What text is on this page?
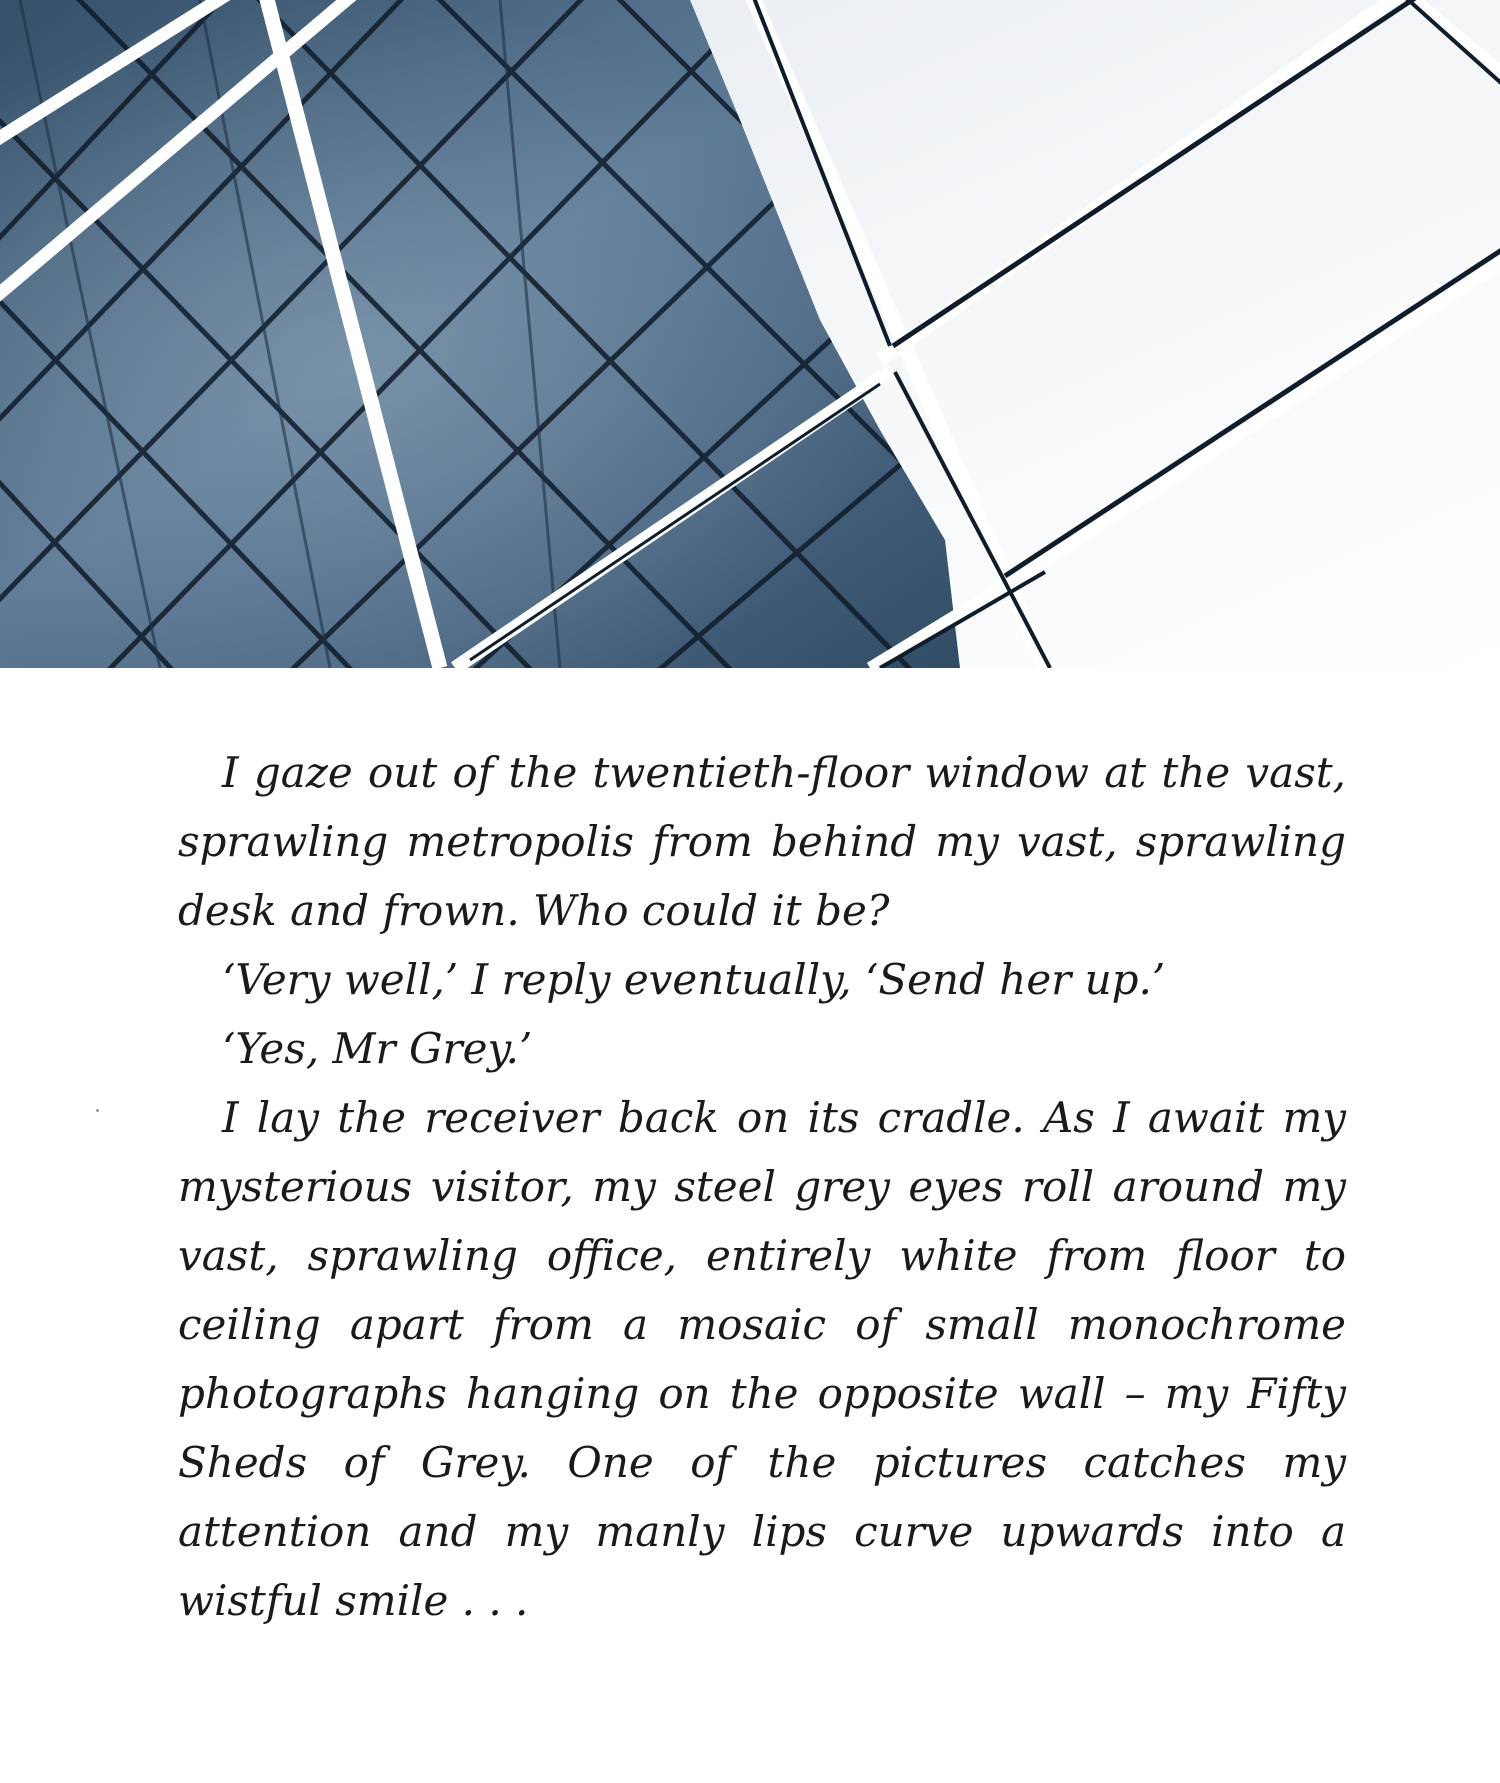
I gaze out of the twentieth-floor window at the vast, sprawling metropolis from behind my vast, sprawling desk and frown. Who could it be?

‘Very well,’ I reply eventually, ‘Send her up.’

‘Yes, Mr Grey.’

I lay the receiver back on its cradle. As I await my mysterious visitor, my steel grey eyes roll around my vast, sprawling office, entirely white from floor to ceiling apart from a mosaic of small monochrome photographs hanging on the opposite wall – my Fifty Sheds of Grey. One of the pictures catches my attention and my manly lips curve upwards into a wistful smile . . .
